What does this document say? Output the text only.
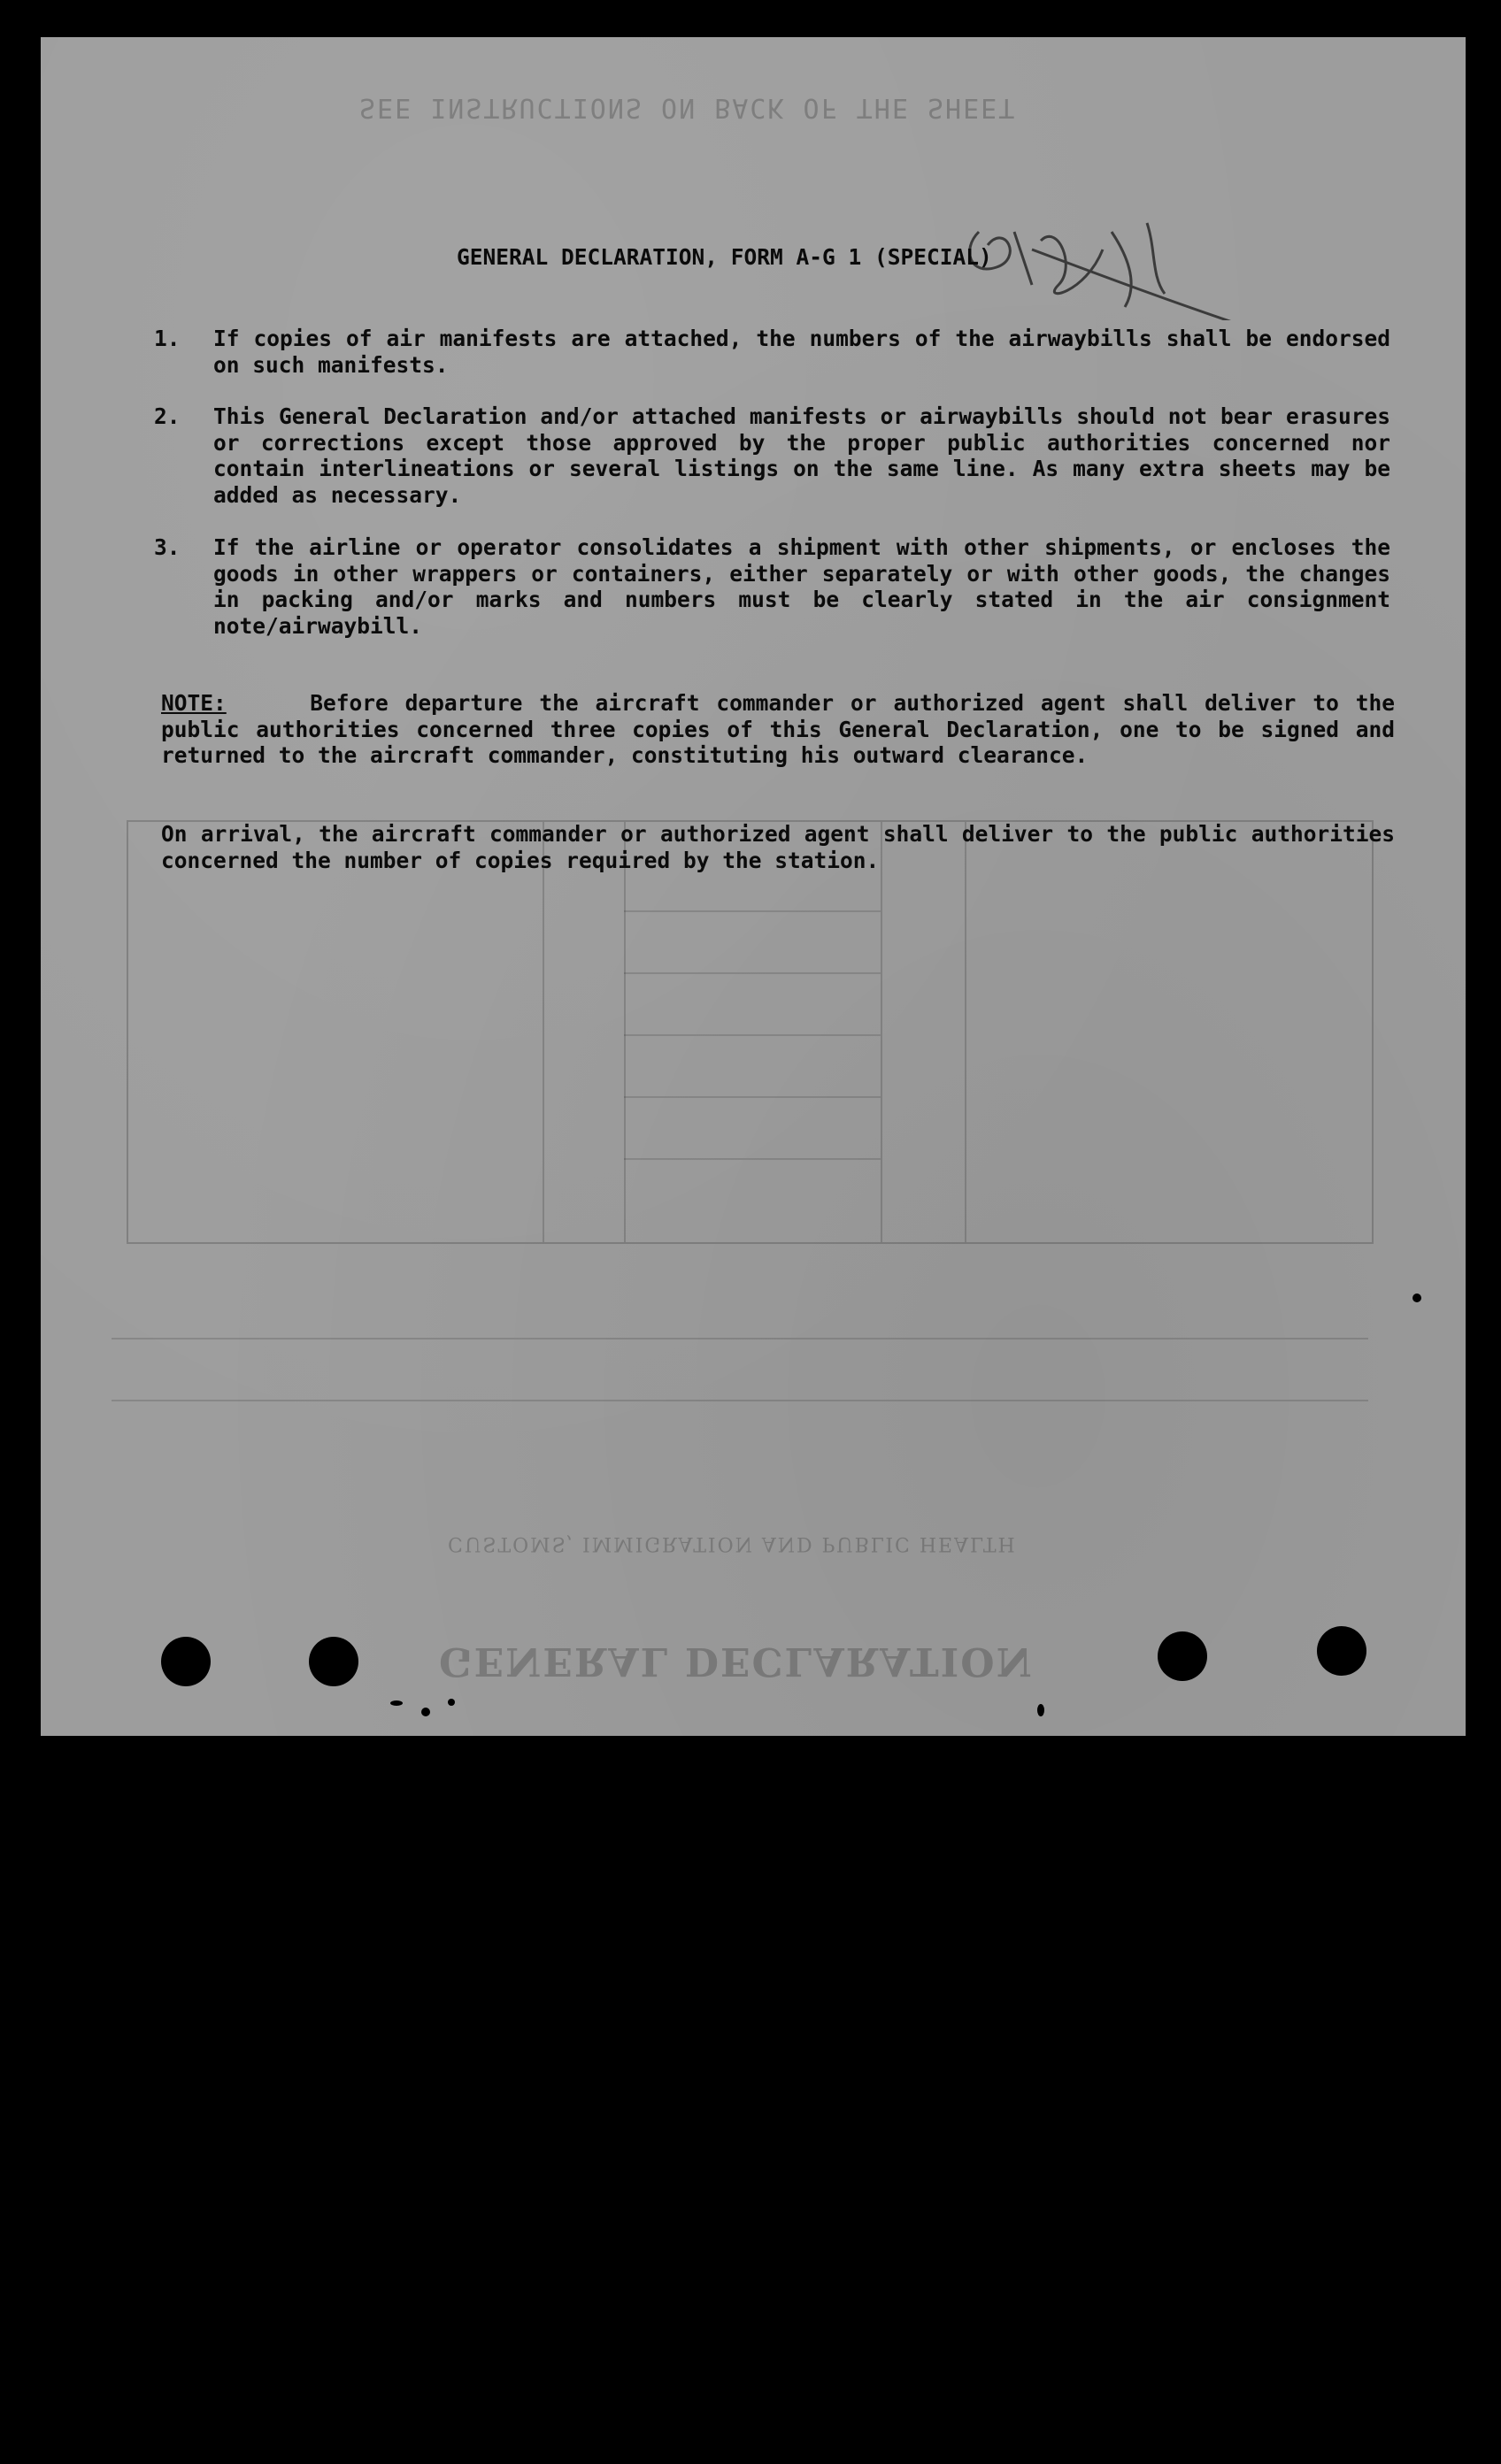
SEE INSTRUCTIONS ON BACK OF THE SHEET
CUSTOMS, IMMIGRATION AND PUBLIC HEALTH
GENERAL DECLARATION
GENERAL DECLARATION, FORM A-G 1 (SPECIAL)
1.	If copies of air manifests are attached, the numbers of the airwaybills shall be endorsed on such manifests.
2.	This General Declaration and/or attached manifests or airwaybills should not bear erasures or corrections except those approved by the proper public authorities concerned nor contain interlineations or several listings on the same line. As many extra sheets may be added as necessary.
3.	If the airline or operator consolidates a shipment with other shipments, or encloses the goods in other wrappers or containers, either separately or with other goods, the changes in packing and/or marks and numbers must be clearly stated in the air consignment note/airwaybill.
NOTE:	Before departure the aircraft commander or authorized agent shall deliver to the public authorities concerned three copies of this General Declaration, one to be signed and returned to the aircraft commander, constituting his outward clearance.
On arrival, the aircraft commander or authorized agent shall deliver to the public authorities concerned the number of copies required by the station.
